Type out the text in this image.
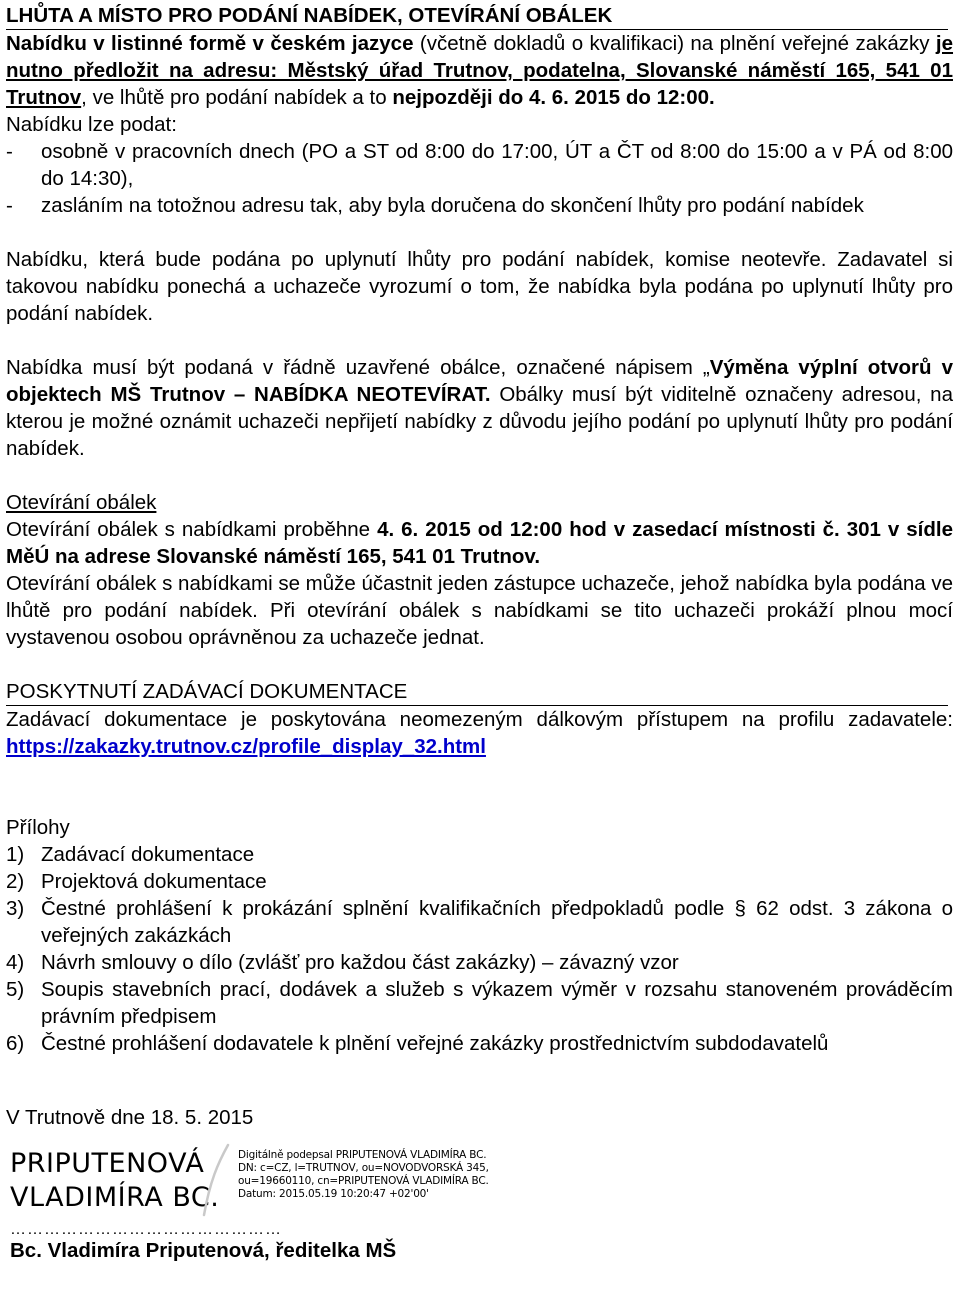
LHŮTA A MÍSTO PRO PODÁNÍ NABÍDEK, OTEVÍRÁNÍ OBÁLEK

Nabídku v listinné formě v českém jazyce (včetně dokladů o kvalifikaci) na plnění veřejné zakázky je nutno předložit na adresu: Městský úřad Trutnov, podatelna, Slovanské náměstí 165, 541 01 Trutnov, ve lhůtě pro podání nabídek a to nejpozději do 4. 6. 2015 do 12:00.

Nabídku lze podat:

-	osobně v pracovních dnech (PO a ST od 8:00 do 17:00, ÚT a ČT od 8:00 do 15:00 a v PÁ od 8:00 do 14:30),
-	zasláním na totožnou adresu tak, aby byla doručena do skončení lhůty pro podání nabídek

Nabídku, která bude podána po uplynutí lhůty pro podání nabídek, komise neotevře. Zadavatel si takovou nabídku ponechá a uchazeče vyrozumí o tom, že nabídka byla podána po uplynutí lhůty pro podání nabídek.

Nabídka musí být podaná v řádně uzavřené obálce, označené nápisem „Výměna výplní otvorů v objektech MŠ Trutnov – NABÍDKA NEOTEVÍRAT. Obálky musí být viditelně označeny adresou, na kterou je možné oznámit uchazeči nepřijetí nabídky z důvodu jejího podání po uplynutí lhůty pro podání nabídek.

Otevírání obálek

Otevírání obálek s nabídkami proběhne 4. 6. 2015 od 12:00 hod v zasedací místnosti č. 301 v sídle MěÚ na adrese Slovanské náměstí 165, 541 01 Trutnov.

Otevírání obálek s nabídkami se může účastnit jeden zástupce uchazeče, jehož nabídka byla podána ve lhůtě pro podání nabídek. Při otevírání obálek s nabídkami se tito uchazeči prokáží plnou mocí vystavenou osobou oprávněnou za uchazeče jednat.

POSKYTNUTÍ ZADÁVACÍ DOKUMENTACE

Zadávací dokumentace je poskytována neomezeným dálkovým přístupem na profilu zadavatele: https://zakazky.trutnov.cz/profile_display_32.html

Přílohy

1) Zadávací dokumentace
2) Projektová dokumentace
3) Čestné prohlášení k prokázání splnění kvalifikačních předpokladů podle § 62 odst. 3 zákona o veřejných zakázkách
4) Návrh smlouvy o dílo (zvlášť pro každou část zakázky) – závazný vzor
5) Soupis stavebních prací, dodávek a služeb s výkazem výměr v rozsahu stanoveném prováděcím právním předpisem
6) Čestné prohlášení dodavatele k plnění veřejné zakázky prostřednictvím subdodavatelů

V Trutnově dne 18. 5. 2015

PRIPUTENOVÁ
VLADIMÍRA BC.
Digitálně podepsal PRIPUTENOVÁ VLADIMÍRA BC.
DN: c=CZ, l=TRUTNOV, ou=NOVODVORSKÁ 345,
ou=19660110, cn=PRIPUTENOVÁ VLADIMÍRA BC.
Datum: 2015.05.19 10:20:47 +02'00'
…………………………………………
Bc. Vladimíra Priputenová, ředitelka MŠ
